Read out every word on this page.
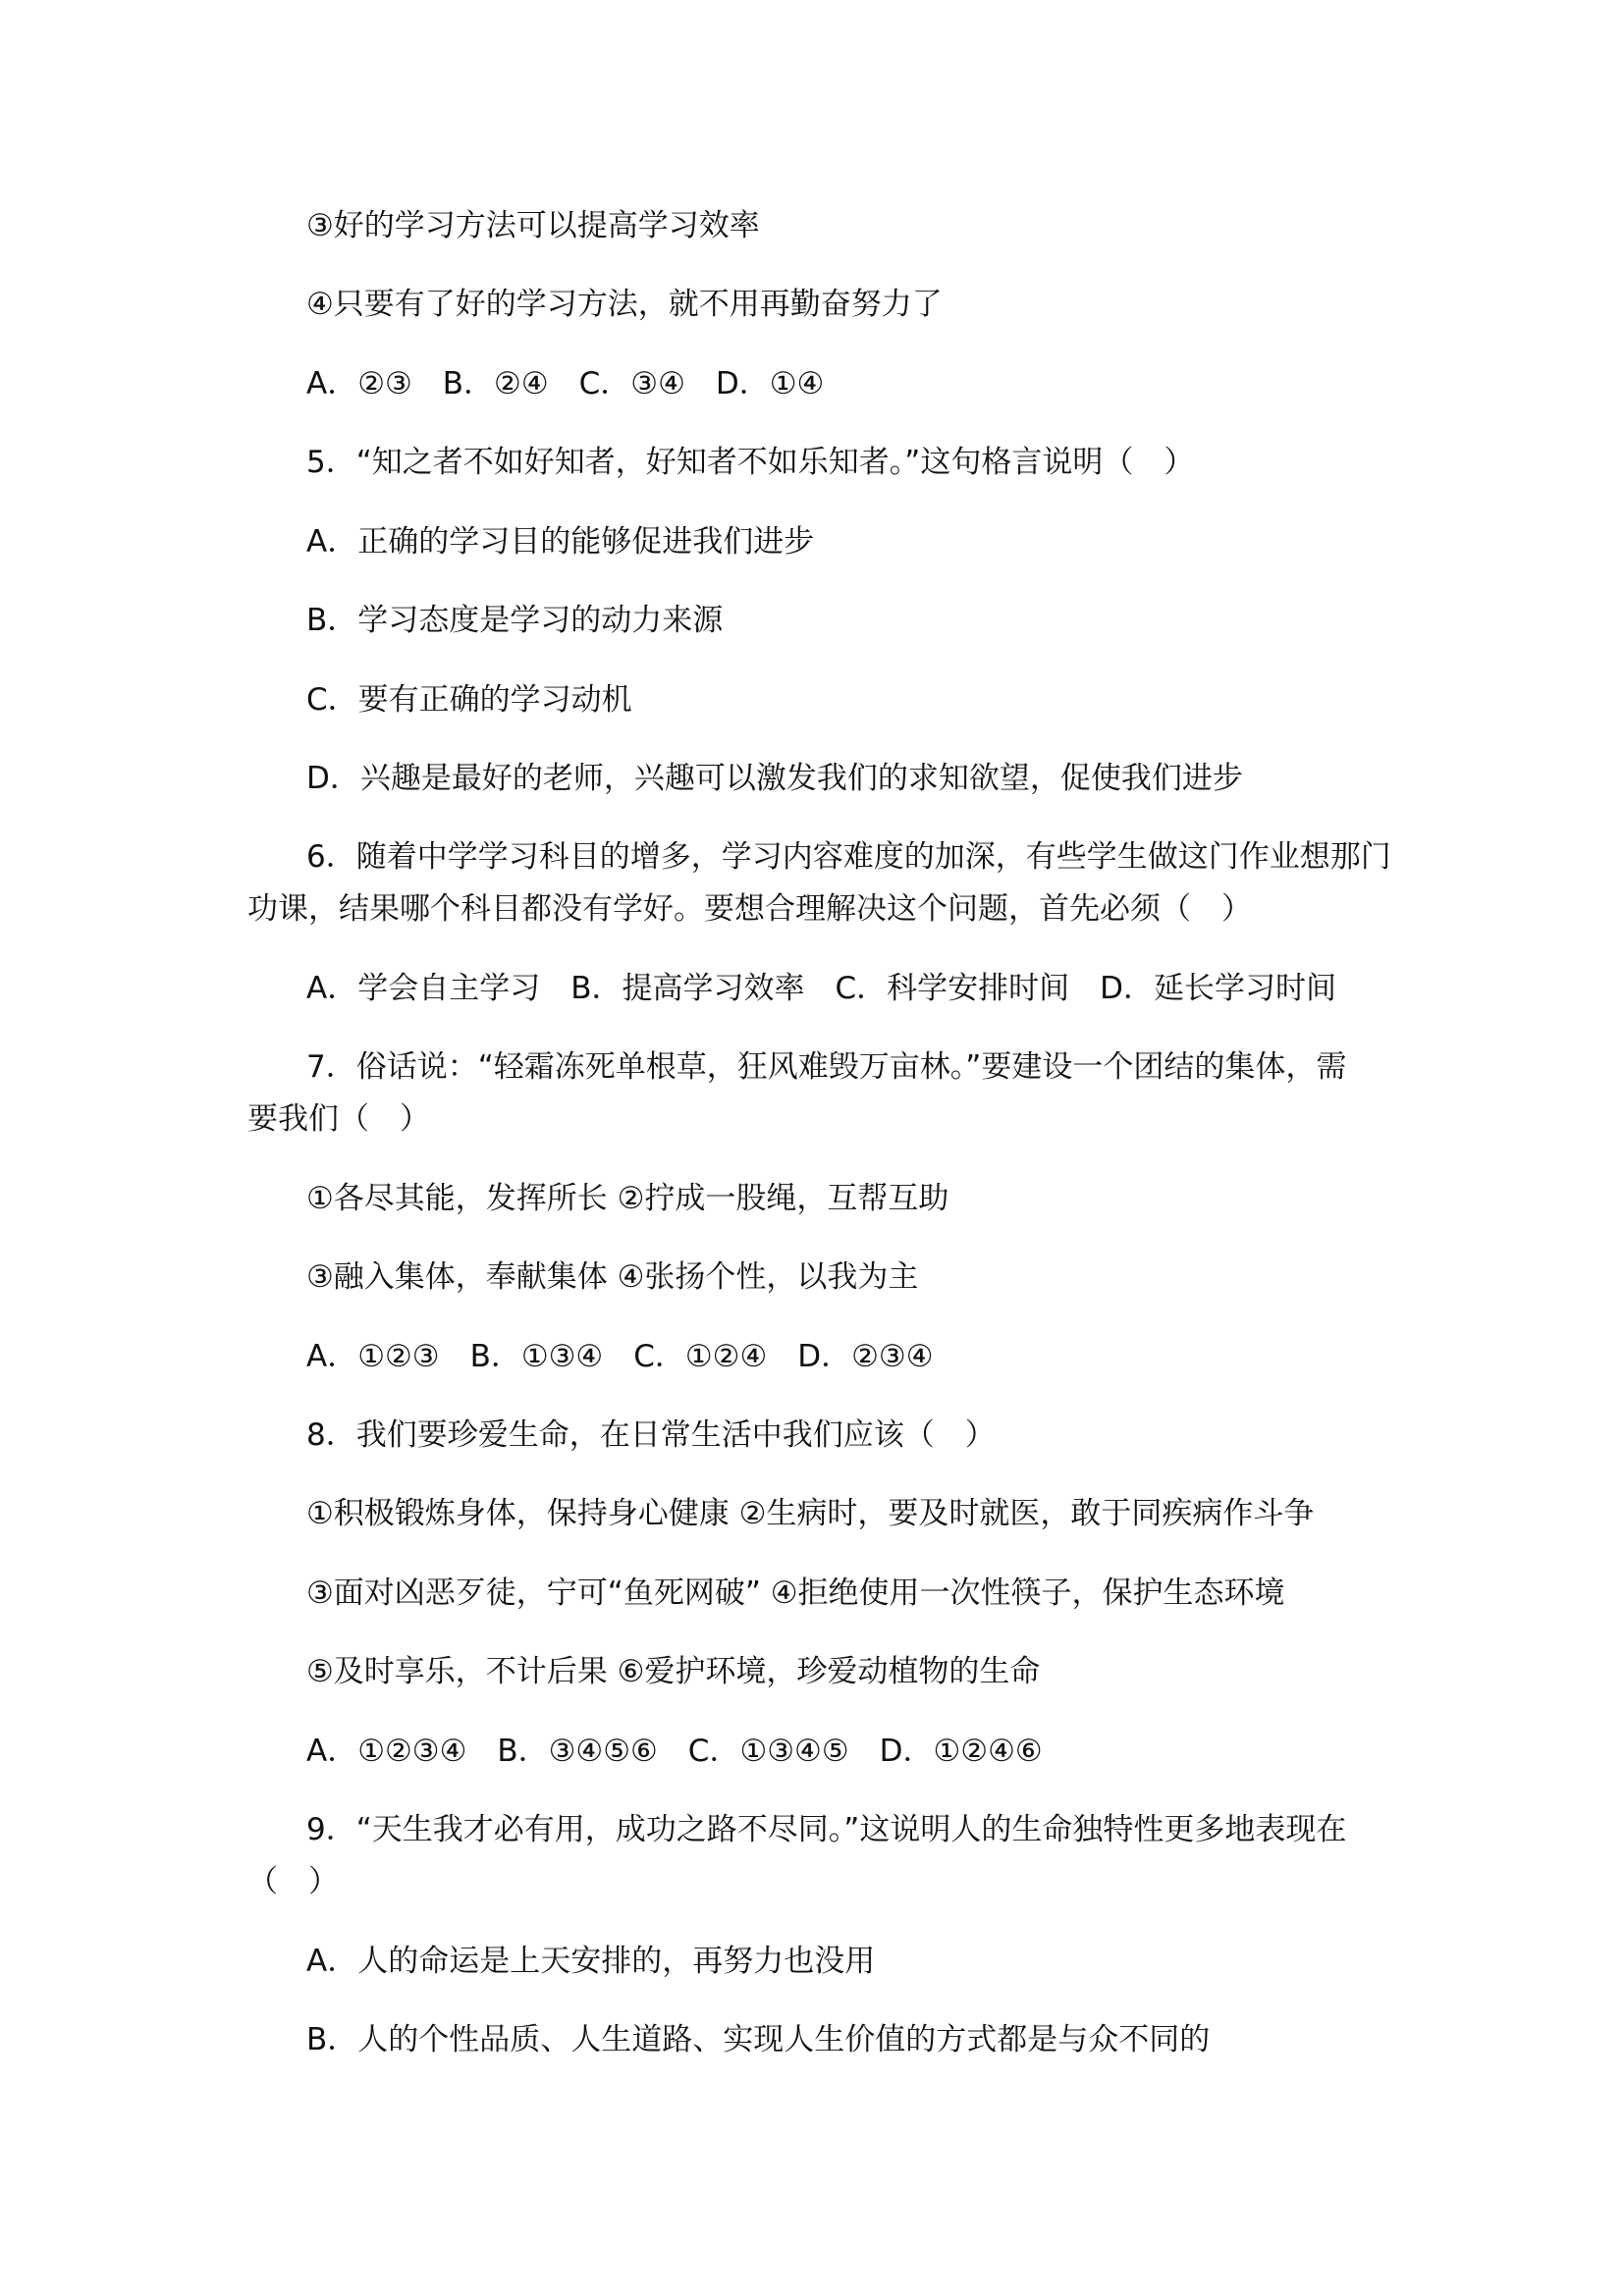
③好的学习方法可以提高学习效率
④只要有了好的学习方法，就不用再勤奋努力了
A．②③　B．②④　C．③④　D．①④
5．“知之者不如好知者，好知者不如乐知者。”这句格言说明（　）
A．正确的学习目的能够促进我们进步
B．学习态度是学习的动力来源
C．要有正确的学习动机
D．兴趣是最好的老师，兴趣可以激发我们的求知欲望，促使我们进步
6．随着中学学习科目的增多，学习内容难度的加深，有些学生做这门作业想那门
功课，结果哪个科目都没有学好。要想合理解决这个问题，首先必须（　）
A．学会自主学习　B．提高学习效率　C．科学安排时间　D．延长学习时间
7．俗话说：“轻霜冻死单根草，狂风难毁万亩林。”要建设一个团结的集体，需
要我们（　）
①各尽其能，发挥所长 ②拧成一股绳，互帮互助
③融入集体，奉献集体 ④张扬个性，以我为主
A．①②③　B．①③④　C．①②④　D．②③④
8．我们要珍爱生命，在日常生活中我们应该（　）
①积极锻炼身体，保持身心健康 ②生病时，要及时就医，敢于同疾病作斗争
③面对凶恶歹徒，宁可“鱼死网破” ④拒绝使用一次性筷子，保护生态环境
⑤及时享乐，不计后果 ⑥爱护环境，珍爱动植物的生命
A．①②③④　B．③④⑤⑥　C．①③④⑤　D．①②④⑥
9．“天生我才必有用，成功之路不尽同。”这说明人的生命独特性更多地表现在
（　）
A．人的命运是上天安排的，再努力也没用
B．人的个性品质、人生道路、实现人生价值的方式都是与众不同的
